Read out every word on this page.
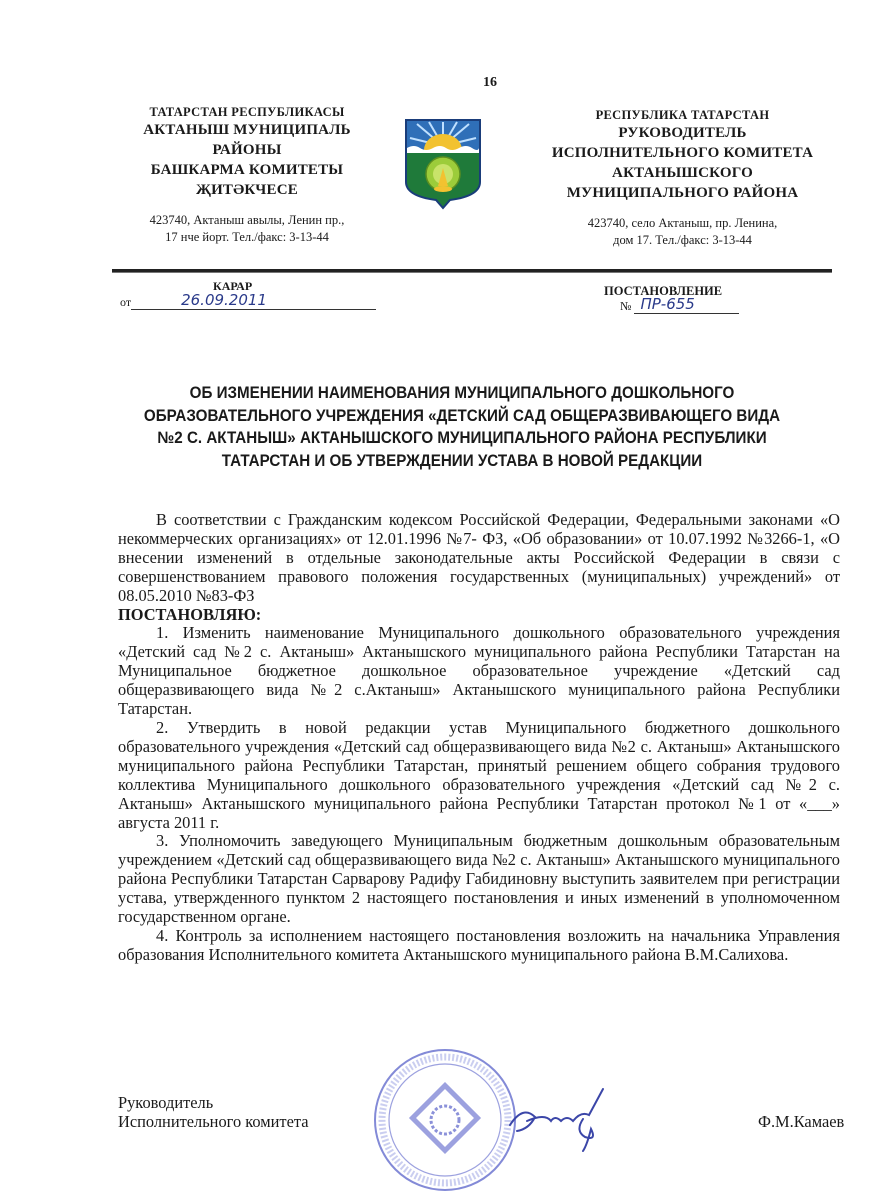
16
ТАТАРСТАН РЕСПУБЛИКАСЫ
АКТАНЫШ МУНИЦИПАЛЬ
РАЙОНЫ
БАШКАРМА КОМИТЕТЫ
ҖИТӘКЧЕСЕ
423740, Актаныш авылы, Ленин пр.,
17 нче йорт. Тел./факс: 3-13-44
РЕСПУБЛИКА ТАТАРСТАН
РУКОВОДИТЕЛЬ
ИСПОЛНИТЕЛЬНОГО КОМИТЕТА
АКТАНЫШСКОГО
МУНИЦИПАЛЬНОГО РАЙОНА
423740, село Актаныш, пр. Ленина,
дом 17. Тел./факс: 3-13-44
КАРАР
от	26.09.2011	ПОСТАНОВЛЕНИЕ
№ ПР-655
ОБ ИЗМЕНЕНИИ НАИМЕНОВАНИЯ МУНИЦИПАЛЬНОГО ДОШКОЛЬНОГО ОБРАЗОВАТЕЛЬНОГО УЧРЕЖДЕНИЯ «ДЕТСКИЙ САД ОБЩЕРАЗВИВАЮЩЕГО ВИДА №2 С. АКТАНЫШ» АКТАНЫШСКОГО МУНИЦИПАЛЬНОГО РАЙОНА РЕСПУБЛИКИ ТАТАРСТАН И ОБ УТВЕРЖДЕНИИ УСТАВА В НОВОЙ РЕДАКЦИИ

В соответствии с Гражданским кодексом Российской Федерации, Федеральными законами «О некоммерческих организациях» от 12.01.1996 №7- ФЗ, «Об образовании» от 10.07.1992 №3266-1, «О внесении изменений в отдельные законодательные акты Российской Федерации в связи с совершенствованием правового положения государственных (муниципальных) учреждений» от 08.05.2010 №83-ФЗ

ПОСТАНОВЛЯЮ:

1. Изменить наименование Муниципального дошкольного образовательного учреждения «Детский сад №2 с. Актаныш» Актанышского муниципального района Республики Татарстан на Муниципальное бюджетное дошкольное образовательное учреждение «Детский сад общеразвивающего вида №2 с.Актаныш» Актанышского муниципального района Республики Татарстан.

2. Утвердить в новой редакции устав Муниципального бюджетного дошкольного образовательного учреждения «Детский сад общеразвивающего вида №2 с. Актаныш» Актанышского муниципального района Республики Татарстан, принятый решением общего собрания трудового коллектива Муниципального дошкольного образовательного учреждения «Детский сад №2 с. Актаныш» Актанышского муниципального района Республики Татарстан протокол №1 от «___» августа 2011 г.

3. Уполномочить заведующего Муниципальным бюджетным дошкольным образовательным учреждением «Детский сад общеразвивающего вида №2 с. Актаныш» Актанышского муниципального района Республики Татарстан Сарварову Радифу Габидиновну выступить заявителем при регистрации устава, утвержденного пунктом 2 настоящего постановления и иных изменений в уполномоченном государственном органе.

4. Контроль за исполнением настоящего постановления возложить на начальника Управления образования Исполнительного комитета Актанышского муниципального района В.М.Салихова.

Руководитель
Исполнительного комитета	Ф.М.Камаев
